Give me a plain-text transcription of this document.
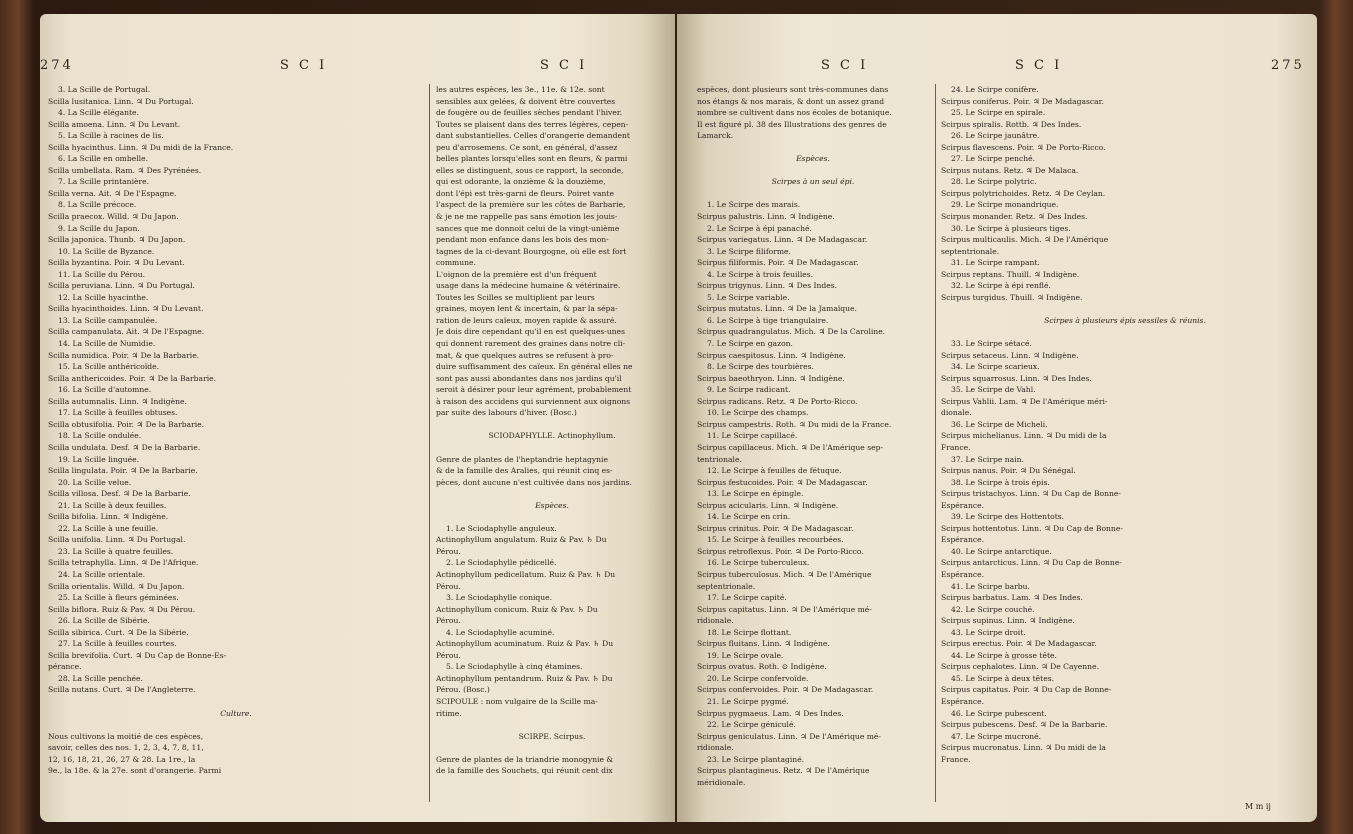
274	S C I	S C I

3. La Scille de Portugal.

Scilla lusitanica. Linn. ♃ Du Portugal.

4. La Scille élégante.

Scilla amoena. Linn. ♃ Du Levant.

5. La Scille à racines de lis.

Scilla hyacinthus. Linn. ♃ Du midi de la France.

6. La Scille en ombelle.

Scilla umbellata. Ram. ♃ Des Pyrénées.

7. La Scille printanière.

Scilla verna. Ait. ♃ De l'Espagne.

8. La Scille précoce.

Scilla praecox. Willd. ♃ Du Japon.

9. La Scille du Japon.

Scilla japonica. Thunb. ♃ Du Japon.

10. La Scille de Byzance.

Scilla byzantina. Poir. ♃ Du Levant.

11. La Scille du Pérou.

Scilla peruviana. Linn. ♃ Du Portugal.

12. La Scille hyacinthe.

Scilla hyacinthoides. Linn. ♃ Du Levant.

13. La Scille campanulée.

Scilla campanulata. Ait. ♃ De l'Espagne.

14. La Scille de Numidie.

Scilla numidica. Poir. ♃ De la Barbarie.

15. La Scille anthéricoïde.

Scilla anthericoides. Poir. ♃ De la Barbarie.

16. La Scille d'automne.

Scilla autumnalis. Linn. ♃ Indigène.

17. La Scille à feuilles obtuses.

Scilla obtusifolia. Poir. ♃ De la Barbarie.

18. La Scille ondulée.

Scilla undulata. Desf. ♃ De la Barbarie.

19. La Scille linguée.

Scilla lingulata. Poir. ♃ De la Barbarie.

20. La Scille velue.

Scilla villosa. Desf. ♃ De la Barbarie.

21. La Scille à deux feuilles.

Scilla bifolia. Linn. ♃ Indigène.

22. La Scille à une feuille.

Scilla unifolia. Linn. ♃ Du Portugal.

23. La Scille à quatre feuilles.

Scilla tetraphylla. Linn. ♃ De l'Afrique.

24. La Scille orientale.

Scilla orientalis. Willd. ♃ Du Japon.

25. La Scille à fleurs géminées.

Scilla biflora. Ruiz & Pav. ♃ Du Pérou.

26. La Scille de Sibérie.

Scilla sibirica. Curt. ♃ De la Sibérie.

27. La Scille à feuilles courtes.

Scilla brevifolia. Curt. ♃ Du Cap de Bonne-Es-

pérance.

28. La Scille penchée.

Scilla nutans. Curt. ♃ De l'Angleterre.

Culture.

Nous cultivons la moitié de ces espèces,

savoir, celles des nos. 1, 2, 3, 4, 7, 8, 11,

12, 16, 18, 21, 26, 27 & 28. La 1re., la

9e., la 18e. & la 27e. sont d'orangerie. Parmi

les autres espèces, les 3e., 11e. & 12e. sont

sensibles aux gelées, & doivent être couvertes

de fougère ou de feuilles sèches pendant l'hiver.

Toutes se plaisent dans des terres légères, cepen-

dant substantielles. Celles d'orangerie demandent

peu d'arrosemens. Ce sont, en général, d'assez

belles plantes lorsqu'elles sont en fleurs, & parmi

elles se distinguent, sous ce rapport, la seconde,

qui est odorante, la onzième & la douzième,

dont l'épi est très-garni de fleurs. Poiret vante

l'aspect de la première sur les côtes de Barbarie,

& je ne me rappelle pas sans émotion les jouis-

sances que me donnoit celui de la vingt-unième

pendant mon enfance dans les bois des mon-

tagnes de la ci-devant Bourgogne, où elle est fort

commune.

L'oignon de la première est d'un fréquent

usage dans la médecine humaine & vétérinaire.

Toutes les Scilles se multiplient par leurs

graines, moyen lent & incertain, & par la sépa-

ration de leurs caïeux, moyen rapide & assuré.

Je dois dire cependant qu'il en est quelques-unes

qui donnent rarement des graines dans notre cli-

mat, & que quelques autres se refusent à pro-

duire suffisamment des caïeux. En général elles ne

sont pas aussi abondantes dans nos jardins qu'il

seroit à désirer pour leur agrément, probablement

à raison des accidens qui surviennent aux oignons

par suite des labours d'hiver. (Bosc.)

SCIODAPHYLLE. Actinophyllum.

Genre de plantes de l'heptandrie heptagynie

& de la famille des Aralies, qui réunit cinq es-

pèces, dont aucune n'est cultivée dans nos jardins.

Espèces.

1. Le Sciodaphylle anguleux.

Actinophyllum angulatum. Ruiz & Pav. ♄ Du

Pérou.

2. Le Sciodaphylle pédicellé.

Actinophyllum pedicellatum. Ruiz & Pav. ♄ Du

Pérou.

3. Le Sciodaphylle conique.

Actinophyllum conicum. Ruiz & Pav. ♄ Du

Pérou.

4. Le Sciodaphylle acuminé.

Actinophyllum acuminatum. Ruiz & Pav. ♄ Du

Pérou.

5. Le Sciodaphylle à cinq étamines.

Actinophyllum pentandrum. Ruiz & Pav. ♄ Du

Pérou. (Bosc.)

SCIPOULE : nom vulgaire de la Scille ma-

ritime.

SCIRPE. Scirpus.

Genre de plantes de la triandrie monogynie &

de la famille des Souchets, qui réunit cent dix

S C I	S C I	275

espèces, dont plusieurs sont très-communes dans

nos étangs & nos marais, & dont un assez grand

nombre se cultivent dans nos écoles de botanique.

Il est figuré pl. 38 des Illustrations des genres de

Lamarck.

Espèces.

Scirpes à un seul épi.

1. Le Scirpe des marais.

Scirpus palustris. Linn. ♃ Indigène.

2. Le Scirpe à épi panaché.

Scirpus variegatus. Linn. ♃ De Madagascar.

3. Le Scirpe filiforme.

Scirpus filiformis. Poir. ♃ De Madagascar.

4. Le Scirpe à trois feuilles.

Scirpus trigynus. Linn. ♃ Des Indes.

5. Le Scirpe variable.

Scirpus mutatus. Linn. ♃ De la Jamaïque.

6. Le Scirpe à tige triangulaire.

Scirpus quadrangulatus. Mich. ♃ De la Caroline.

7. Le Scirpe en gazon.

Scirpus caespitosus. Linn. ♃ Indigène.

8. Le Scirpe des tourbières.

Scirpus baeothryon. Linn. ♃ Indigène.

9. Le Scirpe radicant.

Scirpus radicans. Retz. ♃ De Porto-Ricco.

10. Le Scirpe des champs.

Scirpus campestris. Roth. ♃ Du midi de la France.

11. Le Scirpe capillacé.

Scirpus capillaceus. Mich. ♃ De l'Amérique sep-

tentrionale.

12. Le Scirpe à feuilles de fétuque.

Scirpus festucoides. Poir. ♃ De Madagascar.

13. Le Scirpe en épingle.

Scirpus acicularis. Linn. ♃ Indigène.

14. Le Scirpe en crin.

Scirpus crinitus. Poir. ♃ De Madagascar.

15. Le Scirpe à feuilles recourbées.

Scirpus retroflexus. Poir. ♃ De Porto-Ricco.

16. Le Scirpe tuberculeux.

Scirpus tuberculosus. Mich. ♃ De l'Amérique

septentrionale.

17. Le Scirpe capité.

Scirpus capitatus. Linn. ♃ De l'Amérique mé-

ridionale.

18. Le Scirpe flottant.

Scirpus fluitans. Linn. ♃ Indigène.

19. Le Scirpe ovale.

Scirpus ovatus. Roth. ⊙ Indigène.

20. Le Scirpe confervoïde.

Scirpus confervoides. Poir. ♃ De Madagascar.

21. Le Scirpe pygmé.

Scirpus pygmaeus. Lam. ♃ Des Indes.

22. Le Scirpe géniculé.

Scirpus geniculatus. Linn. ♃ De l'Amérique mé-

ridionale.

23. Le Scirpe plantaginé.

Scirpus plantagineus. Retz. ♃ De l'Amérique

méridionale.

24. Le Scirpe conifère.

Scirpus coniferus. Poir. ♃ De Madagascar.

25. Le Scirpe en spirale.

Scirpus spiralis. Rottb. ♃ Des Indes.

26. Le Scirpe jaunâtre.

Scirpus flavescens. Poir. ♃ De Porto-Ricco.

27. Le Scirpe penché.

Scirpus nutans. Retz. ♃ De Malaca.

28. Le Scirpe polytric.

Scirpus polytrichoides. Retz. ♃ De Ceylan.

29. Le Scirpe monandrique.

Scirpus monander. Retz. ♃ Des Indes.

30. Le Scirpe à plusieurs tiges.

Scirpus multicaulis. Mich. ♃ De l'Amérique

septentrionale.

31. Le Scirpe rampant.

Scirpus reptans. Thuill. ♃ Indigène.

32. Le Scirpe à épi renflé.

Scirpus turgidus. Thuill. ♃ Indigène.

Scirpes à plusieurs épis sessiles & réunis.

33. Le Scirpe sétacé.

Scirpus setaceus. Linn. ♃ Indigène.

34. Le Scirpe scarieux.

Scirpus squarrosus. Linn. ♃ Des Indes.

35. Le Scirpe de Vahl.

Scirpus Vahlii. Lam. ♃ De l'Amérique méri-

dionale.

36. Le Scirpe de Micheli.

Scirpus michelianus. Linn. ♃ Du midi de la

France.

37. Le Scirpe nain.

Scirpus nanus. Poir. ♃ Du Sénégal.

38. Le Scirpe à trois épis.

Scirpus tristachyos. Linn. ♃ Du Cap de Bonne-

Espérance.

39. Le Scirpe des Hottentots.

Scirpus hottentotus. Linn. ♃ Du Cap de Bonne-

Espérance.

40. Le Scirpe antarctique.

Scirpus antarcticus. Linn. ♃ Du Cap de Bonne-

Espérance.

41. Le Scirpe barbu.

Scirpus barbatus. Lam. ♃ Des Indes.

42. Le Scirpe couché.

Scirpus supinus. Linn. ♃ Indigène.

43. Le Scirpe droit.

Scirpus erectus. Poir. ♃ De Madagascar.

44. Le Scirpe à grosse tête.

Scirpus cephalotes. Linn. ♃ De Cayenne.

45. Le Scirpe à deux têtes.

Scirpus capitatus. Poir. ♃ Du Cap de Bonne-

Espérance.

46. Le Scirpe pubescent.

Scirpus pubescens. Desf. ♃ De la Barbarie.

47. Le Scirpe mucroné.

Scirpus mucronatus. Linn. ♃ Du midi de la

France.

M m ij
